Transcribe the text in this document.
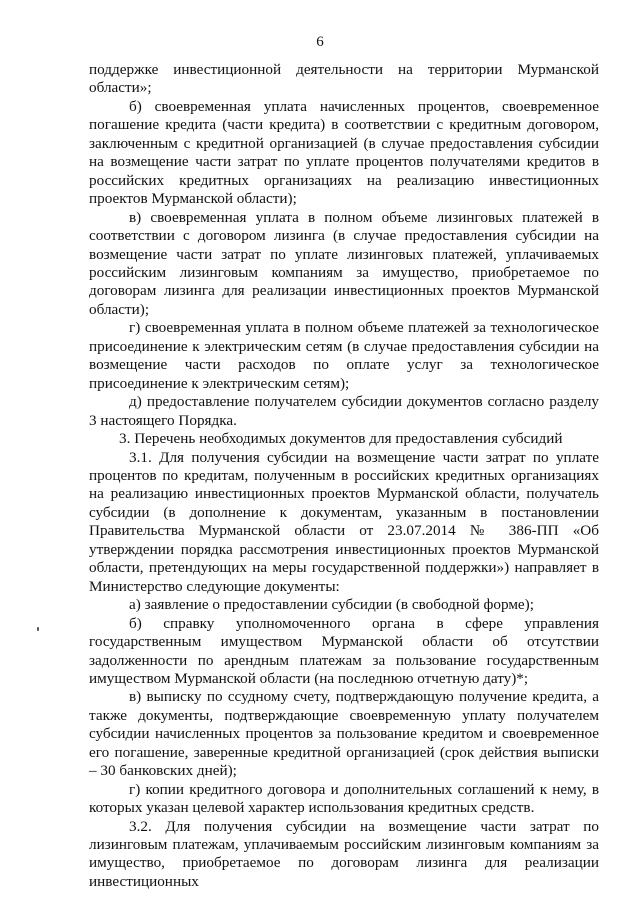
6

поддержке инвестиционной деятельности на территории Мурманской области»;

б) своевременная уплата начисленных процентов, своевременное погашение кредита (части кредита) в соответствии с кредитным договором, заключенным с кредитной организацией (в случае предоставления субсидии на возмещение части затрат по уплате процентов получателями кредитов в российских кредитных организациях на реализацию инвестиционных проектов Мурманской области);

в) своевременная уплата в полном объеме лизинговых платежей в соответствии с договором лизинга (в случае предоставления субсидии на возмещение части затрат по уплате лизинговых платежей, уплачиваемых российским лизинговым компаниям за имущество, приобретаемое по договорам лизинга для реализации инвестиционных проектов Мурманской области);

г) своевременная уплата в полном объеме платежей за технологическое присоединение к электрическим сетям (в случае предоставления субсидии на возмещение части расходов по оплате услуг за технологическое присоединение к электрическим сетям);

д) предоставление получателем субсидии документов согласно разделу 3 настоящего Порядка.

3. Перечень необходимых документов для предоставления субсидий

3.1. Для получения субсидии на возмещение части затрат по уплате процентов по кредитам, полученным в российских кредитных организациях на реализацию инвестиционных проектов Мурманской области, получатель субсидии (в дополнение к документам, указанным в постановлении Правительства Мурманской области от 23.07.2014 № 386-ПП «Об утверждении порядка рассмотрения инвестиционных проектов Мурманской области, претендующих на меры государственной поддержки») направляет в Министерство следующие документы:

а) заявление о предоставлении субсидии (в свободной форме);

б) справку уполномоченного органа в сфере управления государственным имуществом Мурманской области об отсутствии задолженности по арендным платежам за пользование государственным имуществом Мурманской области (на последнюю отчетную дату)*;

в) выписку по ссудному счету, подтверждающую получение кредита, а также документы, подтверждающие своевременную уплату получателем субсидии начисленных процентов за пользование кредитом и своевременное его погашение, заверенные кредитной организацией (срок действия выписки – 30 банковских дней);

г) копии кредитного договора и дополнительных соглашений к нему, в которых указан целевой характер использования кредитных средств.

3.2. Для получения субсидии на возмещение части затрат по лизинговым платежам, уплачиваемым российским лизинговым компаниям за имущество, приобретаемое по договорам лизинга для реализации инвестиционных
